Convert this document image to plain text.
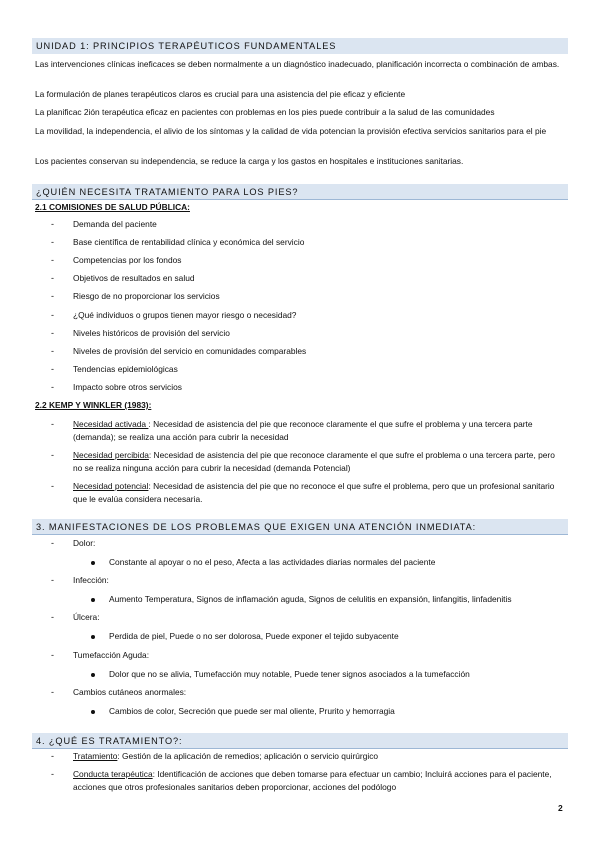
UNIDAD 1: PRINCIPIOS TERAPÉUTICOS FUNDAMENTALES
Las intervenciones clínicas ineficaces se deben normalmente a un diagnóstico inadecuado, planificación incorrecta o combinación de ambas.
La formulación de planes terapéuticos claros es crucial para una asistencia del pie eficaz y eficiente
La planificac 2ión terapéutica eficaz en pacientes con problemas en los pies puede contribuir a la salud de las comunidades
La movilidad, la independencia, el alivio de los síntomas y la calidad de vida potencian la provisión efectiva servicios sanitarios para el pie
Los pacientes conservan su independencia, se reduce la carga y los gastos en hospitales e instituciones sanitarias.
¿QUIÉN NECESITA TRATAMIENTO PARA LOS PIES?
2.1 COMISIONES DE SALUD PÚBLICA:
- Demanda del paciente
- Base científica de rentabilidad clínica y económica del servicio
- Competencias por los fondos
- Objetivos de resultados en salud
- Riesgo de no proporcionar los servicios
- ¿Qué individuos o grupos tienen mayor riesgo o necesidad?
- Niveles históricos de provisión del servicio
- Niveles de provisión del servicio en comunidades comparables
- Tendencias epidemiológicas
- Impacto sobre otros servicios
2.2 KEMP Y WINKLER (1983):
- Necesidad activada : Necesidad de asistencia del pie que reconoce claramente el que sufre el problema y una tercera parte (demanda); se realiza una acción para cubrir la necesidad
- Necesidad percibida: Necesidad de asistencia del pie que reconoce claramente el que sufre el problema o una tercera parte, pero no se realiza ninguna acción para cubrir la necesidad (demanda Potencial)
- Necesidad potencial: Necesidad de asistencia del pie que no reconoce el que sufre el problema, pero que un profesional sanitario que le evalúa considera necesaria.
3. MANIFESTACIONES DE LOS PROBLEMAS QUE EXIGEN UNA ATENCIÓN INMEDIATA:
- Dolor:
Constante al apoyar o no el peso, Afecta a las actividades diarias normales del paciente
- Infección:
Aumento Temperatura, Signos de inflamación aguda, Signos de celulitis en expansión, linfangitis, linfadenitis
- Úlcera:
Perdida de piel, Puede o no ser dolorosa, Puede exponer el tejido subyacente
- Tumefacción Aguda:
Dolor que no se alivia, Tumefacción muy notable, Puede tener signos asociados a la tumefacción
- Cambios cutáneos anormales:
Cambios de color, Secreción que puede ser mal oliente, Prurito y hemorragia
4. ¿QUÉ ES TRATAMIENTO?:
- Tratamiento: Gestión de la aplicación de remedios; aplicación o servicio quirúrgico
- Conducta terapéutica: Identificación de acciones que deben tomarse para efectuar un cambio; Incluirá acciones para el paciente, acciones que otros profesionales sanitarios deben proporcionar, acciones del podólogo
2
